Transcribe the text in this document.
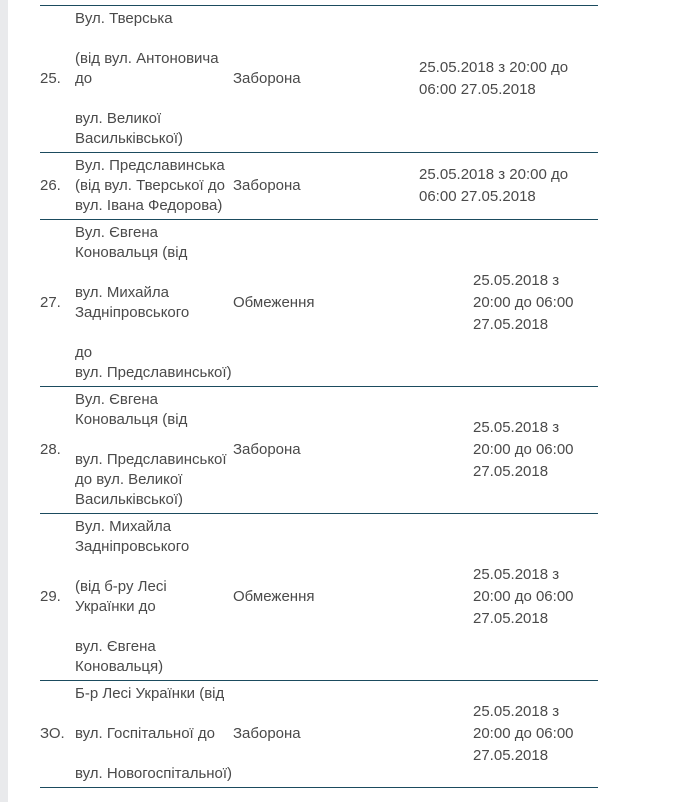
25.
Вул. Тверська
(від вул. Антоновича
до
вул. Великої
Васильківської)
Заборона
25.05.2018 з 20:00 до
06:00 27.05.2018
26.
Вул. Предславинська
(від вул. Тверської до
вул. Івана Федорова)
Заборона
25.05.2018 з 20:00 до
06:00 27.05.2018
27.
Вул. Євгена
Коновальця (від
вул. Михайла
Задніпровського
до
вул. Предславинської)
Обмеження
25.05.2018 з
20:00 до 06:00
27.05.2018
28.
Вул. Євгена
Коновальця (від
вул. Предславинської
до вул. Великої
Васильківської)
Заборона
25.05.2018 з
20:00 до 06:00
27.05.2018
29.
Вул. Михайла
Задніпровського
(від б-ру Лесі
Українки до
вул. Євгена
Коновальця)
Обмеження
25.05.2018 з
20:00 до 06:00
27.05.2018
ЗО.
Б-р Лесі Українки (від
вул. Госпітальної до
вул. Новогоспітальної)
Заборона
25.05.2018 з
20:00 до 06:00
27.05.2018
